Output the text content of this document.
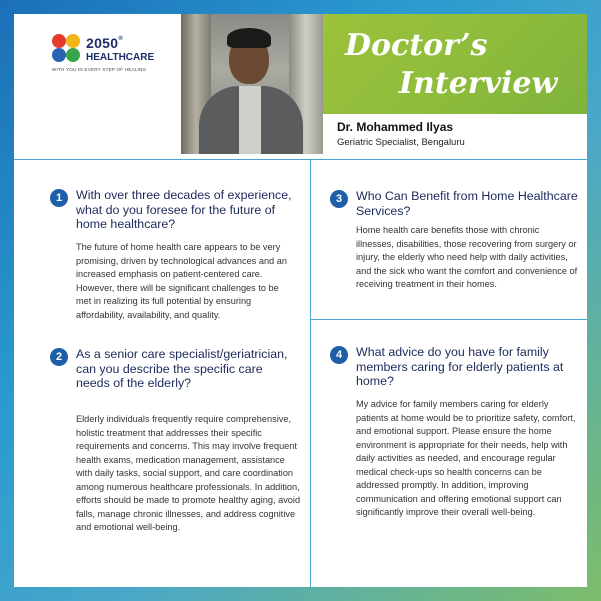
2050®
HEALTHCARE
WITH YOU IN EVERY STEP OF HEALING
Doctor’s
Interview
Dr. Mohammed Ilyas
Geriatric Specialist, Bengaluru
1	With over three decades of experience, what do you foresee for the future of home healthcare?
The future of home health care appears to be very promising, driven by technological advances and an increased emphasis on patient-centered care. However, there will be significant challenges to be met in realizing its full potential by ensuring affordability, availability, and quality.
2	As a senior care specialist/geriatrician, can you describe the specific care needs of the elderly?
Elderly individuals frequently require comprehensive, holistic treatment that addresses their specific requirements and concerns. This may involve frequent health exams, medication management, assistance with daily tasks, social support, and care coordination among numerous healthcare professionals. In addition, efforts should be made to promote healthy aging, avoid falls, manage chronic illnesses, and address cognitive and emotional well-being.
3	Who Can Benefit from Home Healthcare Services?
Home health care benefits those with chronic illnesses, disabilities, those recovering from surgery or injury, the elderly who need help with daily activities, and the sick who want the comfort and convenience of receiving treatment in their homes.
4	What advice do you have for family members caring for elderly patients at home?
My advice for family members caring for elderly patients at home would be to prioritize safety, comfort, and emotional support. Please ensure the home environment is appropriate for their needs, help with daily activities as needed, and encourage regular medical check-ups so health concerns can be addressed promptly. In addition, improving communication and offering emotional support can significantly improve their overall well-being.
